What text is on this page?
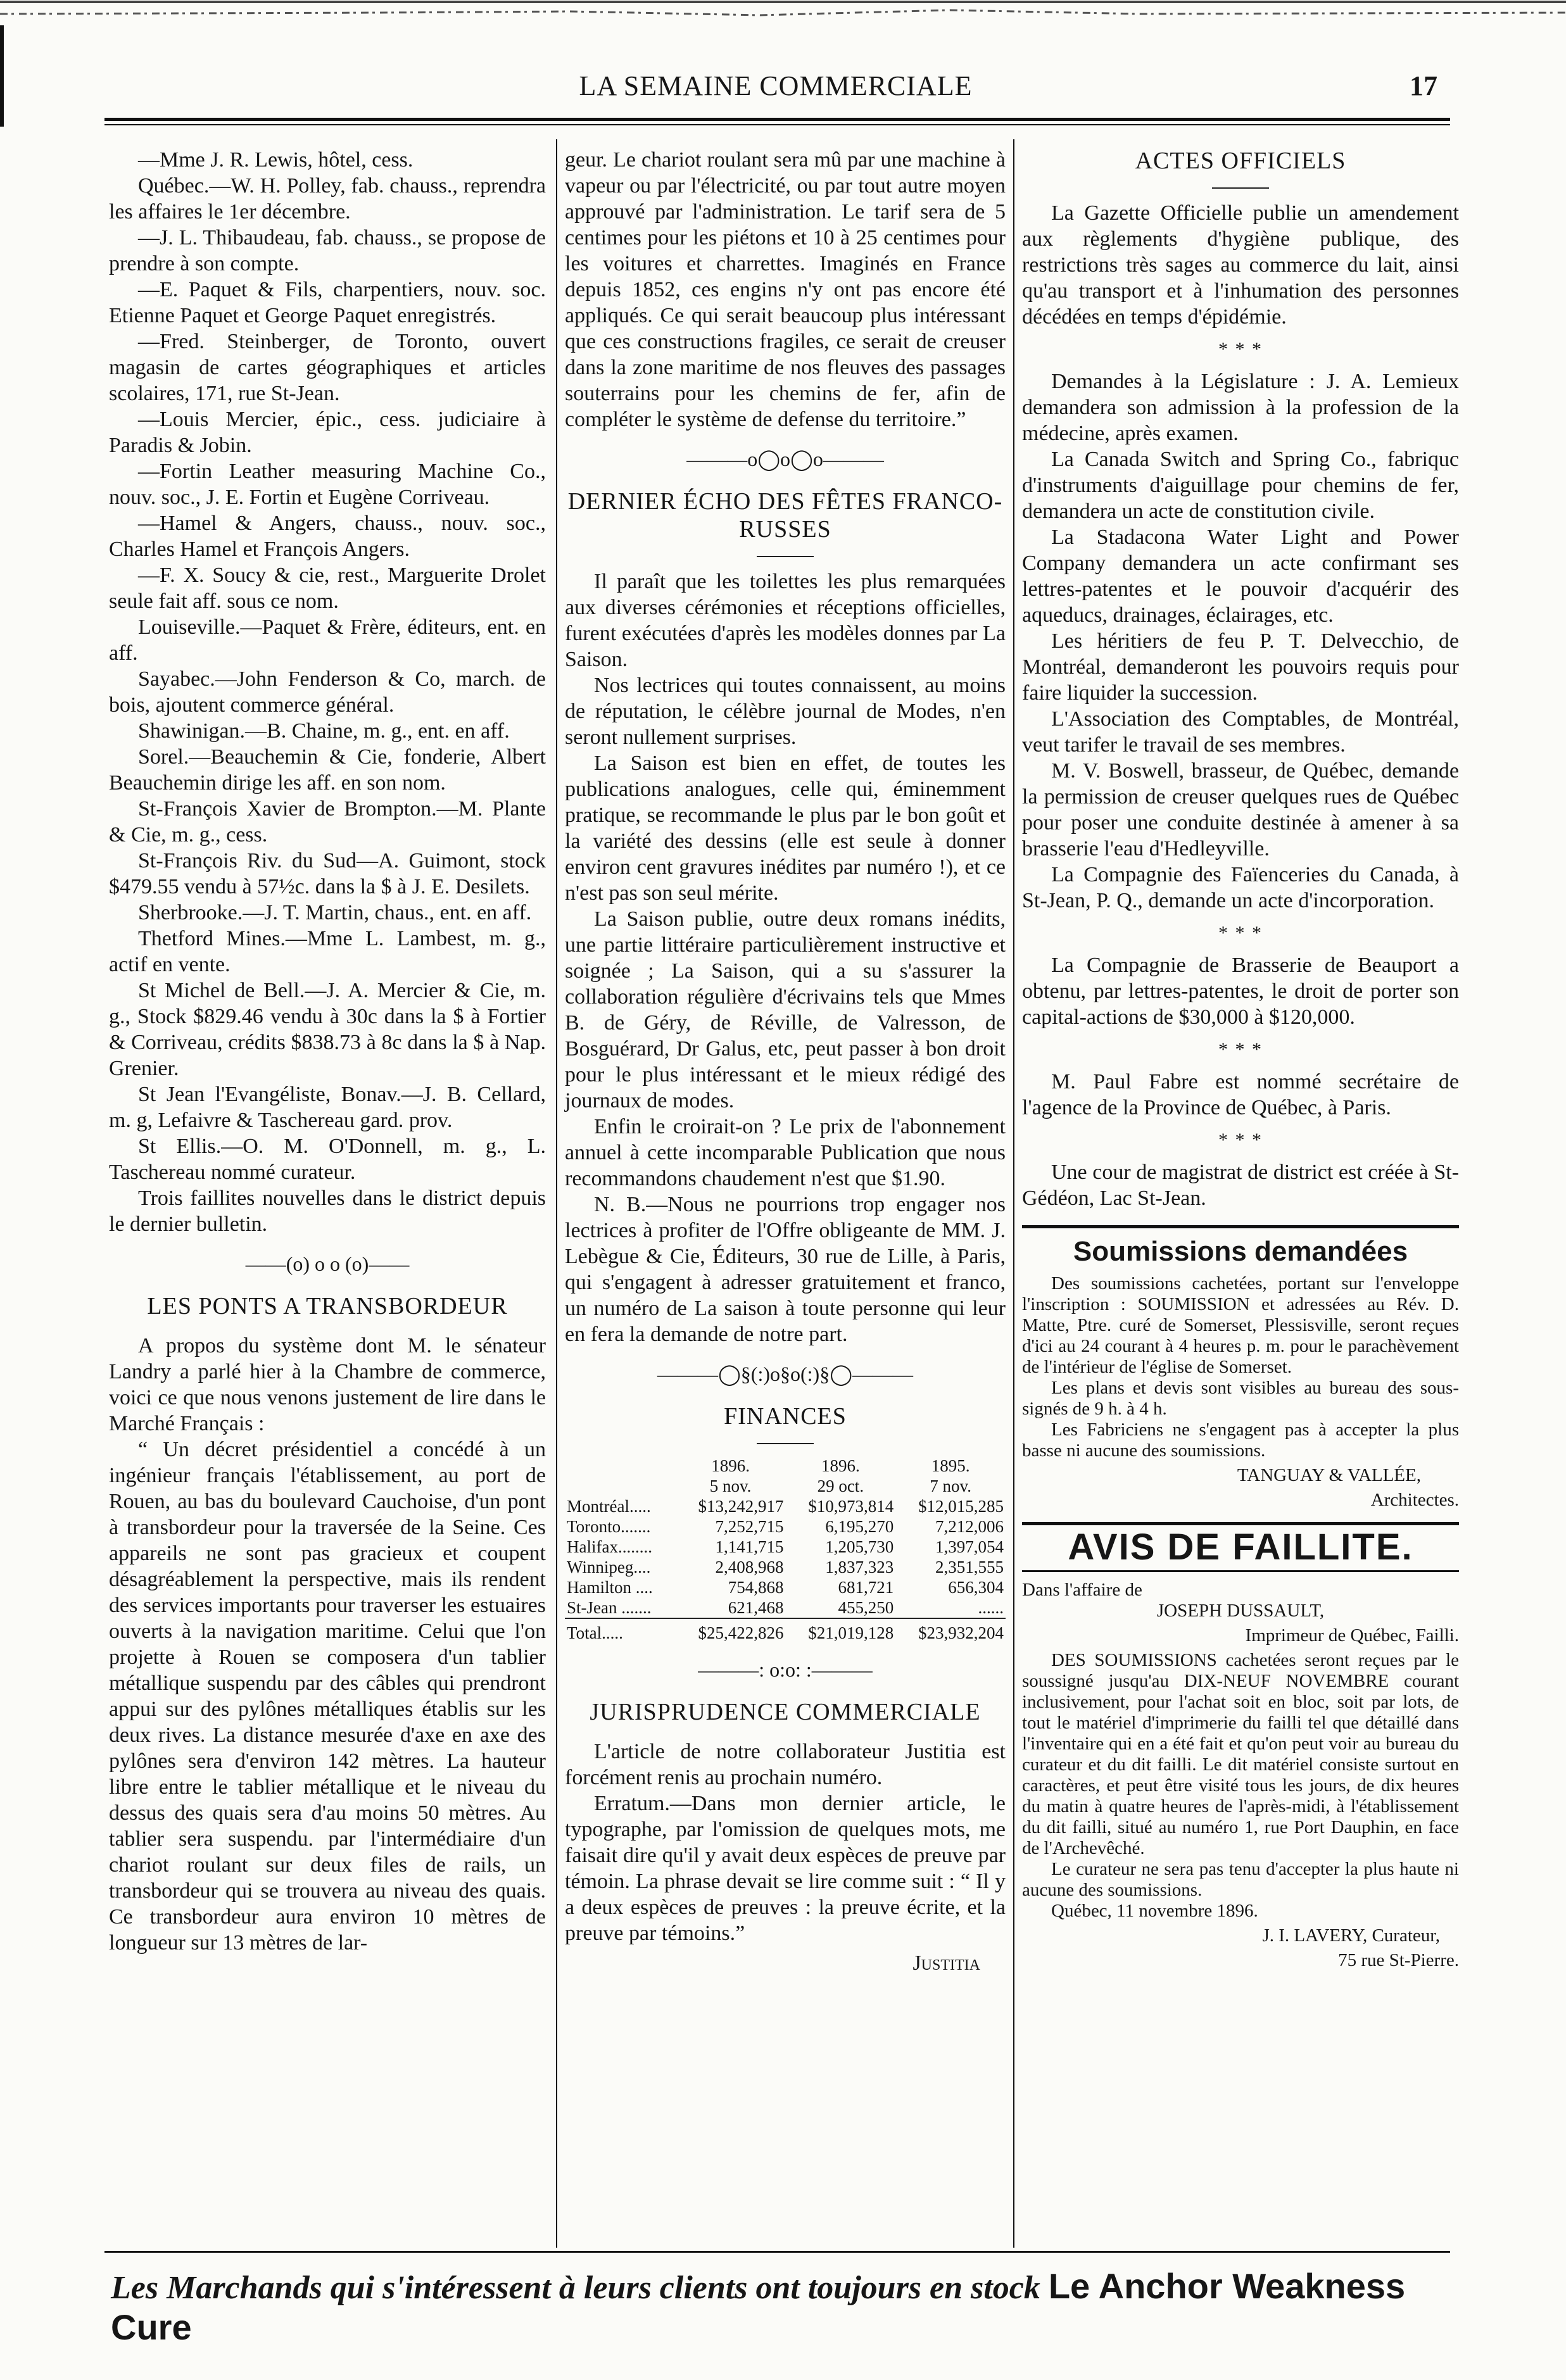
LA SEMAINE COMMERCIALE	17

—Mme J. R. Lewis, hôtel, cess.

Québec.—W. H. Polley, fab. chauss., reprendra les affaires le 1er décembre.

—J. L. Thibaudeau, fab. chauss., se propose de prendre à son compte.

—E. Paquet & Fils, charpentiers, nouv. soc. Etienne Paquet et George Paquet enregistrés.

—Fred. Steinberger, de Toronto, ouvert magasin de cartes géographiques et articles scolaires, 171, rue St-Jean.

—Louis Mercier, épic., cess. judiciaire à Paradis & Jobin.

—Fortin Leather measuring Machine Co., nouv. soc., J. E. Fortin et Eugène Corriveau.

—Hamel & Angers, chauss., nouv. soc., Charles Hamel et François Angers.

—F. X. Soucy & cie, rest., Marguerite Drolet seule fait aff. sous ce nom.

Louiseville.—Paquet & Frère, éditeurs, ent. en aff.

Sayabec.—John Fenderson & Co, march. de bois, ajoutent commerce général.

Shawinigan.—B. Chaine, m. g., ent. en aff.

Sorel.—Beauchemin & Cie, fonderie, Albert Beauchemin dirige les aff. en son nom.

St-François Xavier de Brompton.—M. Plante & Cie, m. g., cess.

St-François Riv. du Sud—A. Guimont, stock $479.55 vendu à 57½c. dans la $ à J. E. Desilets.

Sherbrooke.—J. T. Martin, chaus., ent. en aff.

Thetford Mines.—Mme L. Lambest, m. g., actif en vente.

St Michel de Bell.—J. A. Mercier & Cie, m. g., Stock $829.46 vendu à 30c dans la $ à Fortier & Corriveau, crédits $838.73 à 8c dans la $ à Nap. Grenier.

St Jean l'Evangéliste, Bonav.—J. B. Cellard, m. g, Lefaivre & Taschereau gard. prov.

St Ellis.—O. M. O'Donnell, m. g., L. Taschereau nommé curateur.

Trois faillites nouvelles dans le district depuis le dernier bulletin.

——(o) o o (o)——
LES PONTS A TRANSBORDEUR

A propos du système dont M. le sénateur Landry a parlé hier à la Chambre de commerce, voici ce que nous venons justement de lire dans le Marché Français :

“ Un décret présidentiel a concédé à un ingénieur français l'établissement, au port de Rouen, au bas du boulevard Cauchoise, d'un pont à transbordeur pour la traversée de la Seine. Ces appareils ne sont pas gracieux et coupent désagréablement la perspective, mais ils rendent des services importants pour traverser les estuaires ouverts à la navigation maritime. Celui que l'on projette à Rouen se composera d'un tablier métallique suspendu par des câbles qui prendront appui sur des pylônes métalliques établis sur les deux rives. La distance mesurée d'axe en axe des pylônes sera d'environ 142 mètres. La hauteur libre entre le tablier métallique et le niveau du dessus des quais sera d'au moins 50 mètres. Au tablier sera suspendu. par l'intermédiaire d'un chariot roulant sur deux files de rails, un transbordeur qui se trouvera au niveau des quais. Ce transbordeur aura environ 10 mètres de longueur sur 13 mètres de lar-

geur. Le chariot roulant sera mû par une machine à vapeur ou par l'électricité, ou par tout autre moyen approuvé par l'administration. Le tarif sera de 5 centimes pour les piétons et 10 à 25 centimes pour les voitures et charrettes. Imaginés en France depuis 1852, ces engins n'y ont pas encore été appliqués. Ce qui serait beaucoup plus intéressant que ces constructions fragiles, ce serait de creuser dans la zone maritime de nos fleuves des passages souterrains pour les chemins de fer, afin de compléter le système de defense du territoire.”

———o◯o◯o———
DERNIER ÉCHO DES FÊTES FRANCO-RUSSES

Il paraît que les toilettes les plus remarquées aux diverses cérémonies et réceptions officielles, furent exécutées d'après les modèles donnes par La Saison.

Nos lectrices qui toutes connaissent, au moins de réputation, le célèbre journal de Modes, n'en seront nullement surprises.

La Saison est bien en effet, de toutes les publications analogues, celle qui, éminemment pratique, se recommande le plus par le bon goût et la variété des dessins (elle est seule à donner environ cent gravures inédites par numéro !), et ce n'est pas son seul mérite.

La Saison publie, outre deux romans inédits, une partie littéraire particulièrement instructive et soignée ; La Saison, qui a su s'assurer la collaboration régulière d'écrivains tels que Mmes B. de Géry, de Réville, de Valresson, de Bosguérard, Dr Galus, etc, peut passer à bon droit pour le plus intéressant et le mieux rédigé des journaux de modes.

Enfin le croirait-on ? Le prix de l'abonnement annuel à cette incomparable Publication que nous recommandons chaudement n'est que $1.90.

N. B.—Nous ne pourrions trop engager nos lectrices à profiter de l'Offre obligeante de MM. J. Lebègue & Cie, Éditeurs, 30 rue de Lille, à Paris, qui s'engagent à adresser gratuitement et franco, un numéro de La saison à toute personne qui leur en fera la demande de notre part.

———◯§(:)o§o(:)§◯———
FINANCES
	1896.	1896.	1895.
	5 nov.	29 oct.	7 nov.
Montréal.....	$13,242,917	$10,973,814	$12,015,285
Toronto.......	7,252,715	6,195,270	7,212,006
Halifax........	1,141,715	1,205,730	1,397,054
Winnipeg....	2,408,968	1,837,323	2,351,555
Hamilton ....	754,868	681,721	656,304
St-Jean .......	621,468	455,250	......
Total.....	$25,422,826	$21,019,128	$23,932,204
———: o:o: :———
JURISPRUDENCE COMMERCIALE

L'article de notre collaborateur Justitia est forcément renis au prochain numéro.

Erratum.—Dans mon dernier article, le typographe, par l'omission de quelques mots, me faisait dire qu'il y avait deux espèces de preuve par témoin. La phrase devait se lire comme suit : “ Il y a deux espèces de preuves : la preuve écrite, et la preuve par témoins.”

Justitia
ACTES OFFICIELS

La Gazette Officielle publie un amendement aux règlements d'hygiène publique, des restrictions très sages au commerce du lait, ainsi qu'au transport et à l'inhumation des personnes décédées en temps d'épidémie.

* * *

Demandes à la Législature : J. A. Lemieux demandera son admission à la profession de la médecine, après examen.

La Canada Switch and Spring Co., fabriquc d'instruments d'aiguillage pour chemins de fer, demandera un acte de constitution civile.

La Stadacona Water Light and Power Company demandera un acte confirmant ses lettres-patentes et le pouvoir d'acquérir des aqueducs, drainages, éclairages, etc.

Les héritiers de feu P. T. Delvecchio, de Montréal, demanderont les pouvoirs requis pour faire liquider la succession.

L'Association des Comptables, de Montréal, veut tarifer le travail de ses membres.

M. V. Boswell, brasseur, de Québec, demande la permission de creuser quelques rues de Québec pour poser une conduite destinée à amener à sa brasserie l'eau d'Hedleyville.

La Compagnie des Faïenceries du Canada, à St-Jean, P. Q., demande un acte d'incorporation.

* * *

La Compagnie de Brasserie de Beauport a obtenu, par lettres-patentes, le droit de porter son capital-actions de $30,000 à $120,000.

* * *

M. Paul Fabre est nommé secrétaire de l'agence de la Province de Québec, à Paris.

* * *

Une cour de magistrat de district est créée à St-Gédéon, Lac St-Jean.

Soumissions demandées

Des soumissions cachetées, portant sur l'enveloppe l'inscription : SOUMISSION et adressées au Rév. D. Matte, Ptre. curé de Somerset, Plessisville, seront reçues d'ici au 24 courant à 4 heures p. m. pour le parachèvement de l'intérieur de l'église de Somerset.

Les plans et devis sont visibles au bureau des sous-signés de 9 h. à 4 h.

Les Fabriciens ne s'engagent pas à accepter la plus basse ni aucune des soumissions.

TANGUAY & VALLÉE,
Architectes.
AVIS DE FAILLITE.

Dans l'affaire de

JOSEPH DUSSAULT,
Imprimeur de Québec, Failli.

DES SOUMISSIONS cachetées seront reçues par le soussigné jusqu'au DIX-NEUF NOVEMBRE courant inclusivement, pour l'achat soit en bloc, soit par lots, de tout le matériel d'imprimerie du failli tel que détaillé dans l'inventaire qui en a été fait et qu'on peut voir au bureau du curateur et du dit failli. Le dit matériel consiste surtout en caractères, et peut être visité tous les jours, de dix heures du matin à quatre heures de l'après-midi, à l'établissement du dit failli, situé au numéro 1, rue Port Dauphin, en face de l'Archevêché.

Le curateur ne sera pas tenu d'accepter la plus haute ni aucune des soumissions.

Québec, 11 novembre 1896.

J. I. LAVERY, Curateur,
75 rue St-Pierre.
Les Marchands qui s'intéressent à leurs clients ont toujours en stock Le Anchor Weakness Cure
